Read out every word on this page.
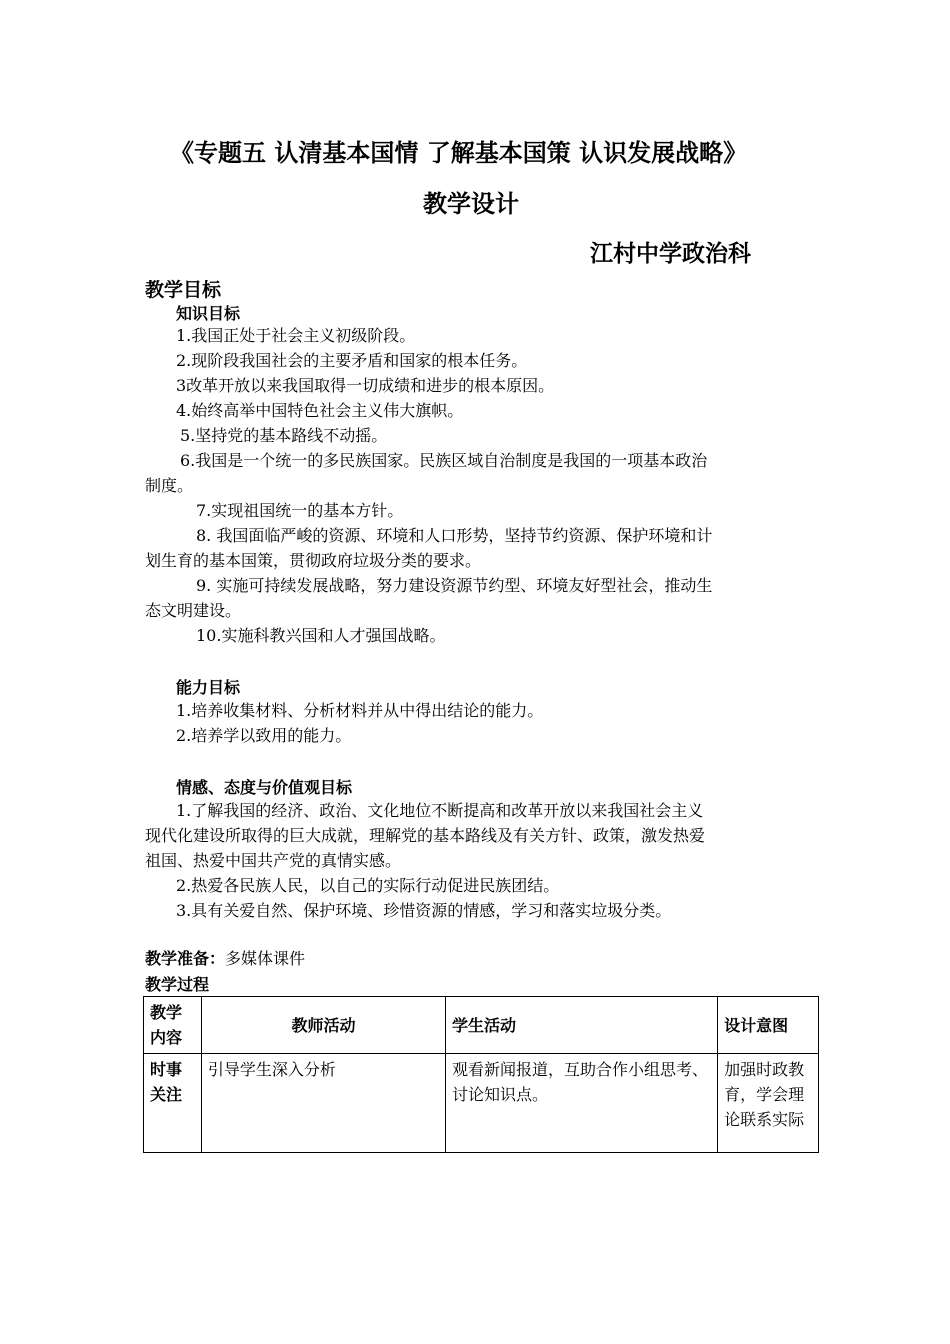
《专题五 认清基本国情 了解基本国策 认识发展战略》
教学设计
江村中学政治科
教学目标
知识目标
1.我国正处于社会主义初级阶段。
2.现阶段我国社会的主要矛盾和国家的根本任务。
3改革开放以来我国取得一切成绩和进步的根本原因。
4.始终高举中国特色社会主义伟大旗帜。
5.坚持党的基本路线不动摇。
6.我国是一个统一的多民族国家。民族区域自治制度是我国的一项基本政治
制度。
7.实现祖国统一的基本方针。
8. 我国面临严峻的资源、环境和人口形势，坚持节约资源、保护环境和计
划生育的基本国策，贯彻政府垃圾分类的要求。
9. 实施可持续发展战略，努力建设资源节约型、环境友好型社会，推动生
态文明建设。
10.实施科教兴国和人才强国战略。
能力目标
1.培养收集材料、分析材料并从中得出结论的能力。
2.培养学以致用的能力。
情感、态度与价值观目标
1.了解我国的经济、政治、文化地位不断提高和改革开放以来我国社会主义
现代化建设所取得的巨大成就，理解党的基本路线及有关方针、政策，激发热爱
祖国、热爱中国共产党的真情实感。
2.热爱各民族人民，以自己的实际行动促进民族团结。
3.具有关爱自然、保护环境、珍惜资源的情感，学习和落实垃圾分类。
教学准备：多媒体课件
教学过程
教学内容	教师活动	学生活动	设计意图
时事关注	引导学生深入分析	观看新闻报道，互助合作小组思考、讨论知识点。	加强时政教育，学会理论联系实际
